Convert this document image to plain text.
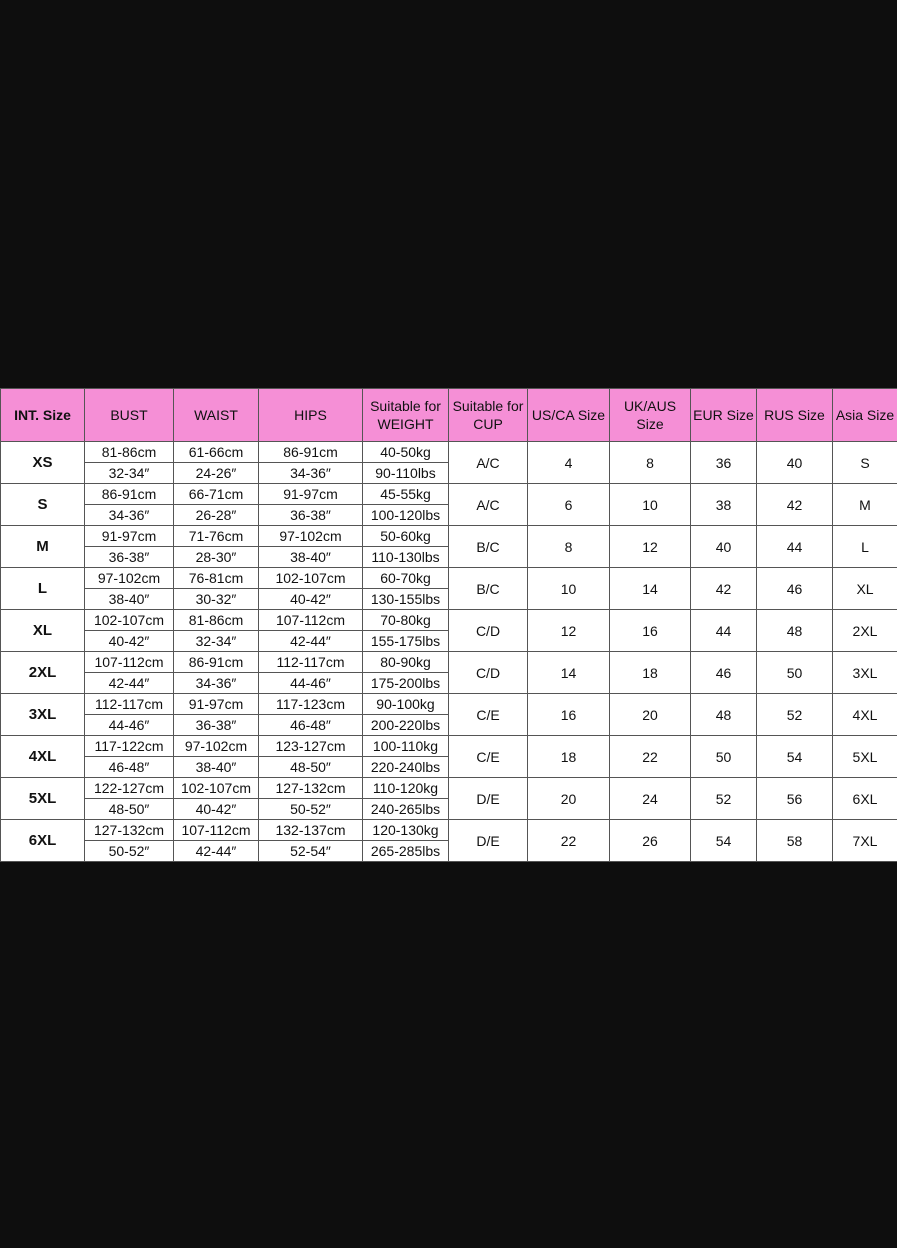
INT. Size	BUST	WAIST	HIPS	Suitable for WEIGHT	Suitable for CUP	US/CA Size	UK/AUS Size	EUR Size	RUS Size	Asia Size
XS	81-86cm	61-66cm	86-91cm	40-50kg	A/C	4	8	36	40	S
	32-34″	24-26″	34-36″	90-110lbs						
S	86-91cm	66-71cm	91-97cm	45-55kg	A/C	6	10	38	42	M
	34-36″	26-28″	36-38″	100-120lbs						
M	91-97cm	71-76cm	97-102cm	50-60kg	B/C	8	12	40	44	L
	36-38″	28-30″	38-40″	110-130lbs						
L	97-102cm	76-81cm	102-107cm	60-70kg	B/C	10	14	42	46	XL
	38-40″	30-32″	40-42″	130-155lbs						
XL	102-107cm	81-86cm	107-112cm	70-80kg	C/D	12	16	44	48	2XL
	40-42″	32-34″	42-44″	155-175lbs						
2XL	107-112cm	86-91cm	112-117cm	80-90kg	C/D	14	18	46	50	3XL
	42-44″	34-36″	44-46″	175-200lbs						
3XL	112-117cm	91-97cm	117-123cm	90-100kg	C/E	16	20	48	52	4XL
	44-46″	36-38″	46-48″	200-220lbs						
4XL	117-122cm	97-102cm	123-127cm	100-110kg	C/E	18	22	50	54	5XL
	46-48″	38-40″	48-50″	220-240lbs						
5XL	122-127cm	102-107cm	127-132cm	110-120kg	D/E	20	24	52	56	6XL
	48-50″	40-42″	50-52″	240-265lbs						
6XL	127-132cm	107-112cm	132-137cm	120-130kg	D/E	22	26	54	58	7XL
	50-52″	42-44″	52-54″	265-285lbs						
